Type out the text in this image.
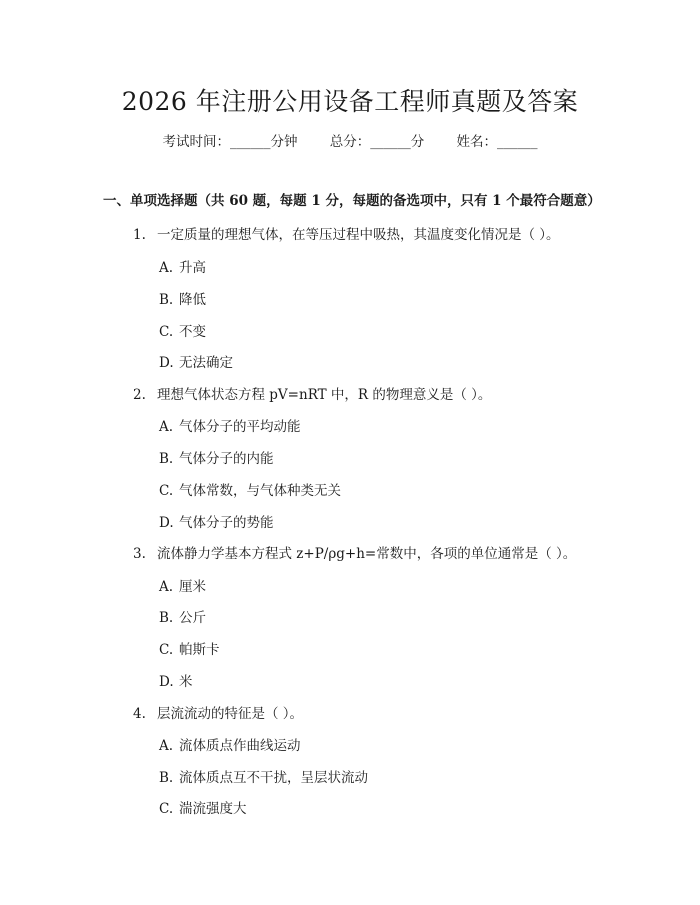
2026 年注册公用设备工程师真题及答案
考试时间：______分钟 总分：______分 姓名：______
一、单项选择题（共 60 题，每题 1 分，每题的备选项中，只有 1 个最符合题意）
1. 一定质量的理想气体，在等压过程中吸热，其温度变化情况是（ ）。
A. 升高
B. 降低
C. 不变
D. 无法确定
2. 理想气体状态方程 pV=nRT 中，R 的物理意义是（ ）。
A. 气体分子的平均动能
B. 气体分子的内能
C. 气体常数，与气体种类无关
D. 气体分子的势能
3. 流体静力学基本方程式 z+P/ρg+h=常数中，各项的单位通常是（ ）。
A. 厘米
B. 公斤
C. 帕斯卡
D. 米
4. 层流流动的特征是（ ）。
A. 流体质点作曲线运动
B. 流体质点互不干扰，呈层状流动
C. 湍流强度大
